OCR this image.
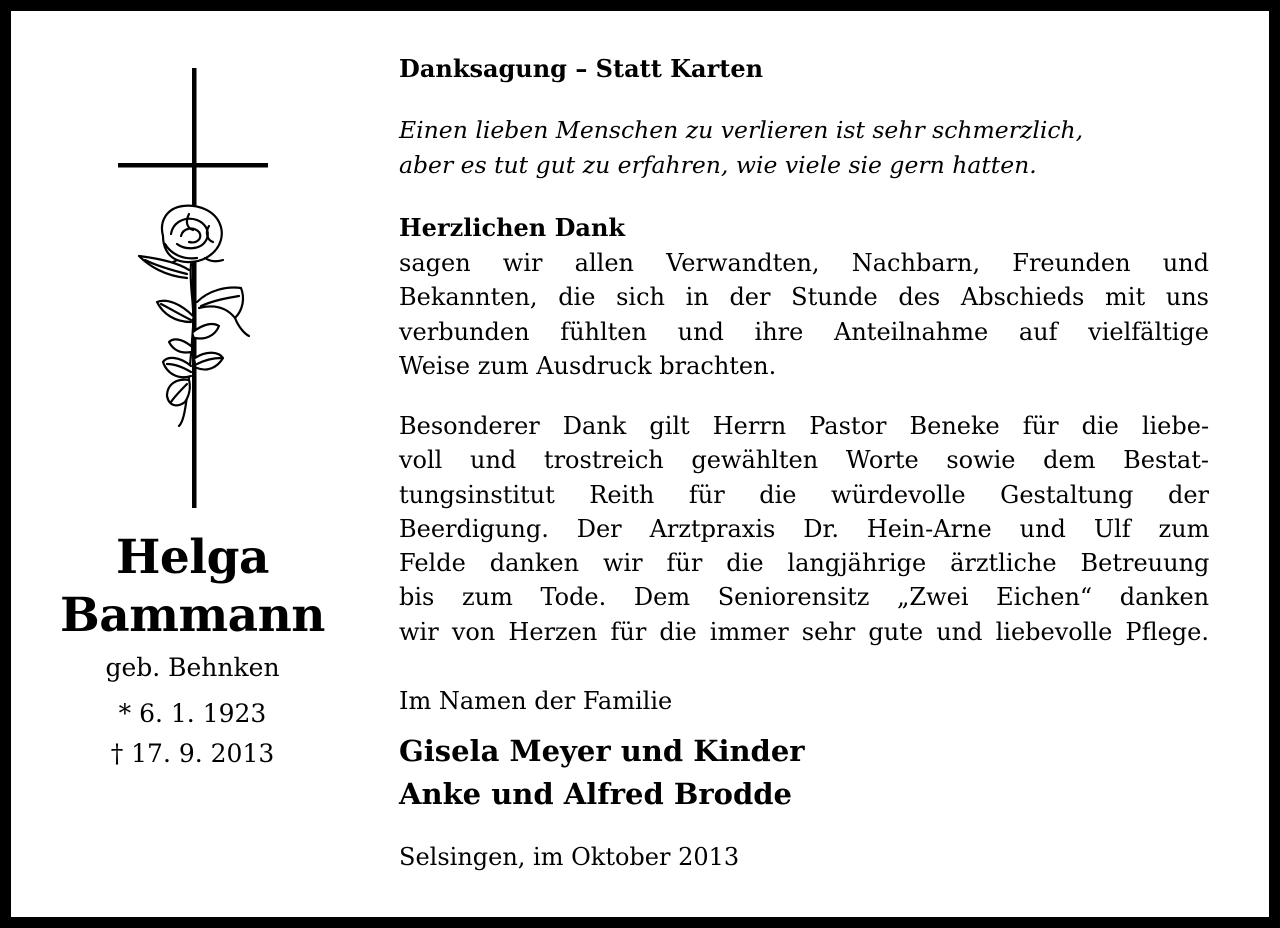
Helga
Bammann
geb. Behnken
* 6. 1. 1923
† 17. 9. 2013
Danksagung – Statt Karten
Einen lieben Menschen zu verlieren ist sehr schmerzlich,
aber es tut gut zu erfahren, wie viele sie gern hatten.
Herzlichen Dank
sagen wir allen Verwandten, Nachbarn, Freunden und
Bekannten, die sich in der Stunde des Abschieds mit uns
verbunden fühlten und ihre Anteilnahme auf vielfältige
Weise zum Ausdruck brachten.
Besonderer Dank gilt Herrn Pastor Beneke für die liebe-
voll und trostreich gewählten Worte sowie dem Bestat-
tungsinstitut Reith für die würdevolle Gestaltung der
Beerdigung. Der Arztpraxis Dr. Hein-Arne und Ulf zum
Felde danken wir für die langjährige ärztliche Betreuung
bis zum Tode. Dem Seniorensitz „Zwei Eichen“ danken
wir von Herzen für die immer sehr gute und liebevolle Pflege.
Im Namen der Familie
Gisela Meyer und Kinder
Anke und Alfred Brodde
Selsingen, im Oktober 2013
